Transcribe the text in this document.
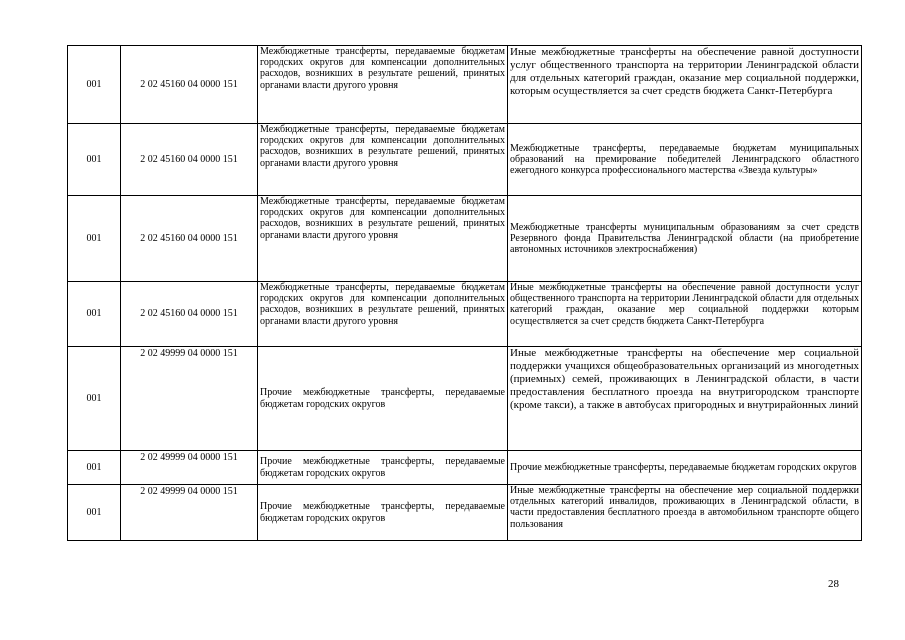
001	2 02 45160 04 0000 151	Межбюджетные трансферты, передаваемые бюджетам городских округов для компенсации дополнительных расходов, возникших в результате решений, принятых органами власти другого уровня	Иные межбюджетные трансферты на обеспечение равной доступности услуг общественного транспорта на территории Ленинградской области для отдельных категорий граждан, оказание мер социальной поддержки, которым осуществляется за счет средств бюджета Санкт-Петербурга
001	2 02 45160 04 0000 151	Межбюджетные трансферты, передаваемые бюджетам городских округов для компенсации дополнительных расходов, возникших в результате решений, принятых органами власти другого уровня	Межбюджетные трансферты, передаваемые бюджетам муниципальных образований на премирование победителей Ленинградского областного ежегодного конкурса профессионального мастерства «Звезда культуры»
001	2 02 45160 04 0000 151	Межбюджетные трансферты, передаваемые бюджетам городских округов для компенсации дополнительных расходов, возникших в результате решений, принятых органами власти другого уровня	Межбюджетные трансферты муниципальным образованиям за счет средств Резервного фонда Правительства Ленинградской области (на приобретение автономных источников электроснабжения)
001	2 02 45160 04 0000 151	Межбюджетные трансферты, передаваемые бюджетам городских округов для компенсации дополнительных расходов, возникших в результате решений, принятых органами власти другого уровня	Иные межбюджетные трансферты на обеспечение равной доступности услуг общественного транспорта на территории Ленинградской области для отдельных категорий граждан, оказание мер социальной поддержки которым осуществляется за счет средств бюджета Санкт-Петербурга
001	2 02 49999 04 0000 151	Прочие межбюджетные трансферты, передаваемые бюджетам городских округов	Иные межбюджетные трансферты на обеспечение мер социальной поддержки учащихся общеобразовательных организаций из многодетных (приемных) семей, проживающих в Ленинградской области, в части предоставления бесплатного проезда на внутригородском транспорте (кроме такси), а также в автобусах пригородных и внутрирайонных линий
001	2 02 49999 04 0000 151	Прочие межбюджетные трансферты, передаваемые бюджетам городских округов	Прочие межбюджетные трансферты, передаваемые бюджетам городских округов
001	2 02 49999 04 0000 151	Прочие межбюджетные трансферты, передаваемые бюджетам городских округов	Иные межбюджетные трансферты на обеспечение мер социальной поддержки отдельных категорий инвалидов, проживающих в Ленинградской области, в части предоставления бесплатного проезда в автомобильном транспорте общего пользования
28
